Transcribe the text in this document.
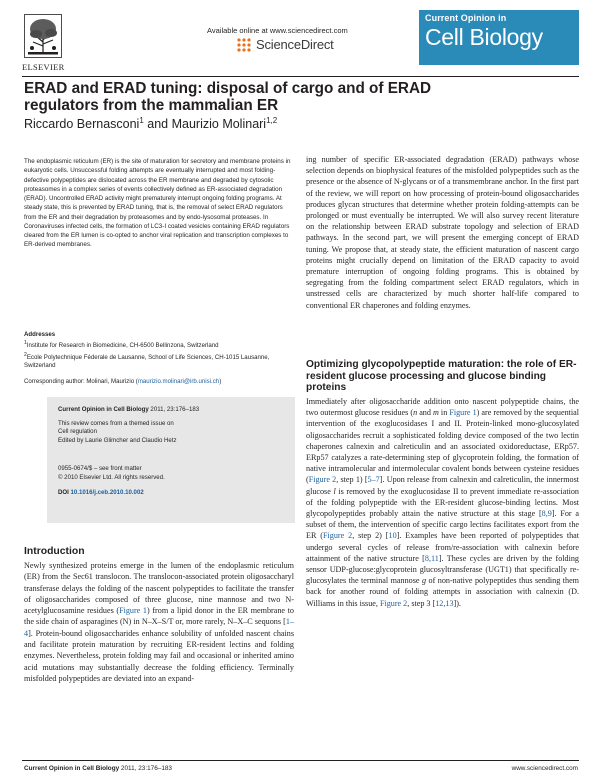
ELSEVIER
Available online at www.sciencedirect.com
ScienceDirect
Current Opinion in
Cell Biology
ERAD and ERAD tuning: disposal of cargo and of ERAD regulators from the mammalian ER
Riccardo Bernasconi$^1$ and Maurizio Molinari$^{1,2}$

The endoplasmic reticulum (ER) is the site of maturation for secretory and membrane proteins in eukaryotic cells. Unsuccessful folding attempts are eventually interrupted and most folding-defective polypeptides are dislocated across the ER membrane and degraded by cytosolic proteasomes in a complex series of events collectively defined as ER-associated degradation (ERAD). Uncontrolled ERAD activity might prematurely interrupt ongoing folding programs. At steady state, this is prevented by ERAD tuning, that is, the removal of select ERAD regulators from the ER and their degradation by proteasomes and by endo-lysosomal proteases. In Coronaviruses infected cells, the formation of LC3-I coated vesicles containing ERAD regulators cleared from the ER lumen is co-opted to anchor viral replication and transcription complexes to ER-derived membranes.

Addresses
$^1$Institute for Research in Biomedicine, CH-6500 Bellinzona, Switzerland
$^2$Ecole Polytechnique Féderale de Lausanne, School of Life Sciences, CH-1015 Lausanne, Switzerland
Corresponding author: Molinari, Maurizio (maurizio.molinari@irb.unisi.ch)
Current Opinion in Cell Biology 2011, 23:176–183
This review comes from a themed issue on
Cell regulation
Edited by Laurie Glimcher and Claudio Hetz
0955-0674/$ – see front matter
© 2010 Elsevier Ltd. All rights reserved.
DOI 10.1016/j.ceb.2010.10.002
Introduction

Newly synthesized proteins emerge in the lumen of the endoplasmic reticulum (ER) from the Sec61 translocon. The translocon-associated protein oligosaccharyl transferase delays the folding of the nascent polypeptides to facilitate the transfer of oligosaccharides composed of three glucose, nine mannose and two N-acetylglucosamine residues (Figure 1) from a lipid donor in the ER membrane to the side chain of asparagines (N) in N–X–S/T or, more rarely, N–X–C sequons [1–4]. Protein-bound oligosaccharides enhance solubility of unfolded nascent chains and facilitate protein maturation by recruiting ER-resident lectins and folding enzymes. Nevertheless, protein folding may fail and occasional or inherited amino acid mutations may substantially decrease the folding efficiency. Terminally misfolded polypeptides are deviated into an expand-

ing number of specific ER-associated degradation (ERAD) pathways whose selection depends on biophysical features of the misfolded polypeptides such as the presence or the absence of N-glycans or of a transmembrane anchor. In the first part of the review, we will report on how processing of protein-bound oligosaccharides produces glycan structures that determine whether protein folding-attempts can be prolonged or must eventually be interrupted. We will also survey recent literature on the relationship between ERAD substrate topology and selection of ERAD pathways. In the second part, we will present the emerging concept of ERAD tuning. We propose that, at steady state, the efficient maturation of nascent cargo proteins might crucially depend on limitation of the ERAD capacity to avoid premature interruption of ongoing folding programs. This is obtained by segregating from the folding compartment select ERAD regulators, which in unstressed cells are characterized by much shorter half-life compared to conventional ER chaperones and folding enzymes.

Optimizing glycopolypeptide maturation: the role of ER-resident glucose processing and glucose binding proteins

Immediately after oligosaccharide addition onto nascent polypeptide chains, the two outermost glucose residues (n and m in Figure 1) are removed by the sequential intervention of the exoglucosidases I and II. Protein-linked mono-glucosylated oligosaccharides recruit a sophisticated folding device composed of the two lectin chaperones calnexin and calreticulin and an associated oxidoreductase, ERp57. ERp57 catalyzes a rate-determining step of glycoprotein folding, the formation of native intramolecular and intermolecular covalent bonds between cysteine residues (Figure 2, step 1) [5–7]. Upon release from calnexin and calreticulin, the innermost glucose l is removed by the exoglucosidase II to prevent immediate re-association of the folding polypeptide with the ER-resident glucose-binding lectins. Most glycopolypeptides probably attain the native structure at this stage [8,9]. For a subset of them, the intervention of specific cargo lectins facilitates export from the ER (Figure 2, step 2) [10]. Examples have been reported of polypeptides that undergo several cycles of release from/re-association with calnexin before attainment of the native structure [8,11]. These cycles are driven by the folding sensor UDP-glucose:glycoprotein glucosyltransferase (UGT1) that specifically re-glucosylates the terminal mannose g of non-native polypeptides thus sending them back for another round of folding attempts in association with calnexin (D. Williams in this issue, Figure 2, step 3 [12,13]).

Current Opinion in Cell Biology 2011, 23:176–183	www.sciencedirect.com
